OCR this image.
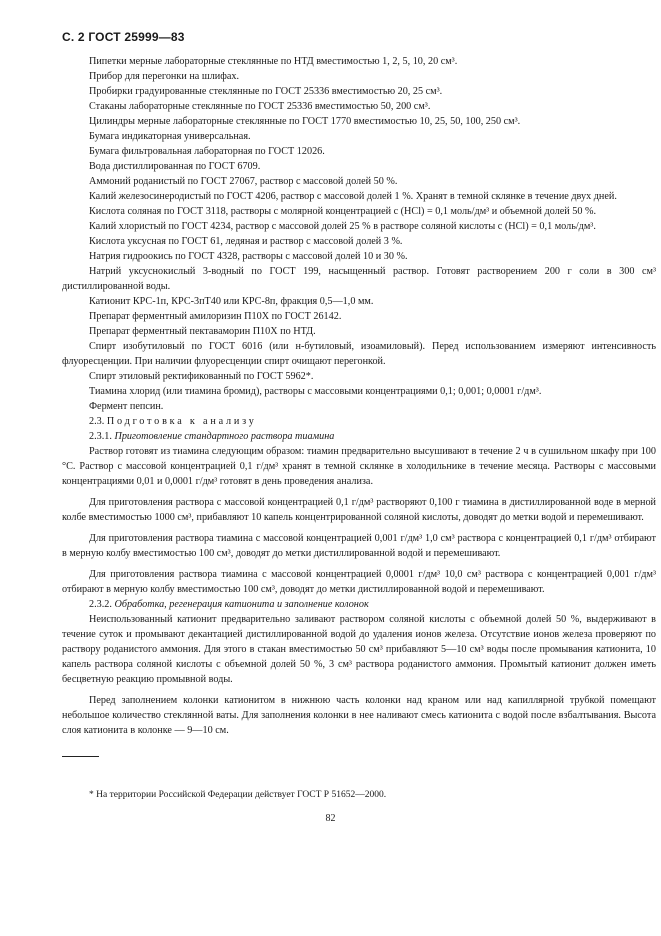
С. 2 ГОСТ 25999—83

Пипетки мерные лабораторные стеклянные по НТД вместимостью 1, 2, 5, 10, 20 см³.

Прибор для перегонки на шлифах.

Пробирки градуированные стеклянные по ГОСТ 25336 вместимостью 20, 25 см³.

Стаканы лабораторные стеклянные по ГОСТ 25336 вместимостью 50, 200 см³.

Цилиндры мерные лабораторные стеклянные по ГОСТ 1770 вместимостью 10, 25, 50, 100, 250 см³.

Бумага индикаторная универсальная.

Бумага фильтровальная лабораторная по ГОСТ 12026.

Вода дистиллированная по ГОСТ 6709.

Аммоний роданистый по ГОСТ 27067, раствор с массовой долей 50 %.

Калий железосинеродистый по ГОСТ 4206, раствор с массовой долей 1 %. Хранят в темной склянке в течение двух дней.

Кислота соляная по ГОСТ 3118, растворы с молярной концентрацией с (HCl) = 0,1 моль/дм³ и объемной долей 50 %.

Калий хлористый по ГОСТ 4234, раствор с массовой долей 25 % в растворе соляной кислоты с (HCl) = 0,1 моль/дм³.

Кислота уксусная по ГОСТ 61, ледяная и раствор с массовой долей 3 %.

Натрия гидроокись по ГОСТ 4328, растворы с массовой долей 10 и 30 %.

Натрий уксуснокислый 3-водный по ГОСТ 199, насыщенный раствор. Готовят растворением 200 г соли в 300 см³ дистиллированной воды.

Катионит КРС-1п, КРС-3пТ40 или КРС-8п, фракция 0,5—1,0 мм.

Препарат ферментный амилоризин П10Х по ГОСТ 26142.

Препарат ферментный пектаваморин П10Х по НТД.

Спирт изобутиловый по ГОСТ 6016 (или н-бутиловый, изоамиловый). Перед использованием измеряют интенсивность флуоресценции. При наличии флуоресценции спирт очищают перегонкой.

Спирт этиловый ректификованный по ГОСТ 5962*.

Тиамина хлорид (или тиамина бромид), растворы с массовыми концентрациями 0,1; 0,001; 0,0001 г/дм³.

Фермент пепсин.

2.3. Подготовка к анализу

2.3.1. Приготовление стандартного раствора тиамина

Раствор готовят из тиамина следующим образом: тиамин предварительно высушивают в течение 2 ч в сушильном шкафу при 100 °С. Раствор с массовой концентрацией 0,1 г/дм³ хранят в темной склянке в холодильнике в течение месяца. Растворы с массовыми концентрациями 0,01 и 0,0001 г/дм³ готовят в день проведения анализа.

Для приготовления раствора с массовой концентрацией 0,1 г/дм³ растворяют 0,100 г тиамина в дистиллированной воде в мерной колбе вместимостью 1000 см³, прибавляют 10 капель концентрированной соляной кислоты, доводят до метки водой и перемешивают.

Для приготовления раствора тиамина с массовой концентрацией 0,001 г/дм³ 1,0 см³ раствора с концентрацией 0,1 г/дм³ отбирают в мерную колбу вместимостью 100 см³, доводят до метки дистиллированной водой и перемешивают.

Для приготовления раствора тиамина с массовой концентрацией 0,0001 г/дм³ 10,0 см³ раствора с концентрацией 0,001 г/дм³ отбирают в мерную колбу вместимостью 100 см³, доводят до метки дистиллированной водой и перемешивают.

2.3.2. Обработка, регенерация катионита и заполнение колонок

Неиспользованный катионит предварительно заливают раствором соляной кислоты с объемной долей 50 %, выдерживают в течение суток и промывают декантацией дистиллированной водой до удаления ионов железа. Отсутствие ионов железа проверяют по раствору роданистого аммония. Для этого в стакан вместимостью 50 см³ прибавляют 5—10 см³ воды после промывания катионита, 10 капель раствора соляной кислоты с объемной долей 50 %, 3 см³ раствора роданистого аммония. Промытый катионит должен иметь бесцветную реакцию промывной воды.

Перед заполнением колонки катионитом в нижнюю часть колонки над краном или над капиллярной трубкой помещают небольшое количество стеклянной ваты. Для заполнения колонки в нее наливают смесь катионита с водой после взбалтывания. Высота слоя катионита в колонке — 9—10 см.

* На территории Российской Федерации действует ГОСТ Р 51652—2000.
82
